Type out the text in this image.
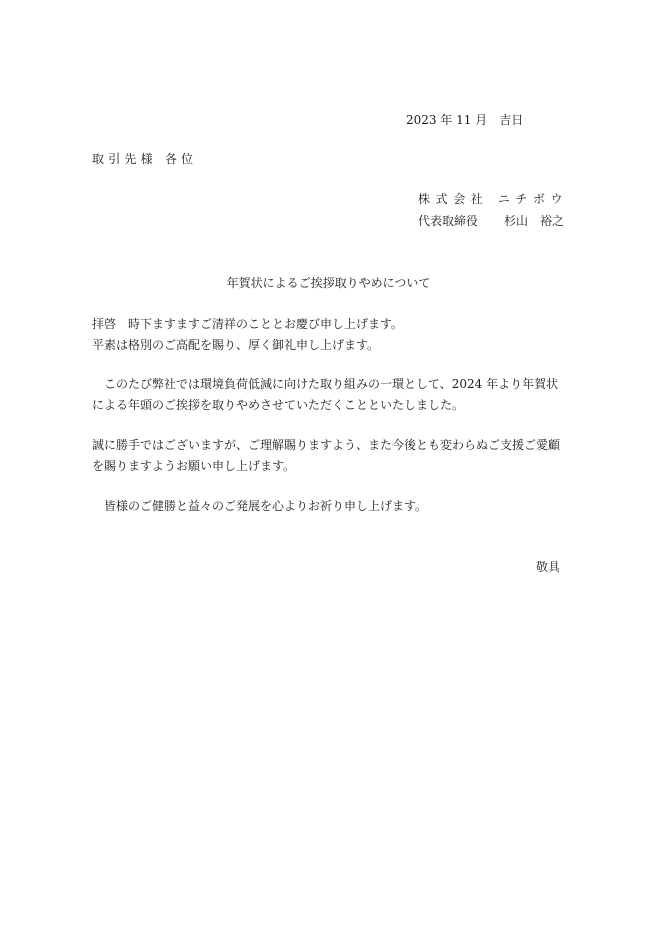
2023 年 11 月　吉日

取引先様 各位

株式会社 ニチボウ

代表取締役 杉山　裕之

年賀状によるご挨拶取りやめについて

拝啓　時下ますますご清祥のこととお慶び申し上げます。

平素は格別のご高配を賜り、厚く御礼申し上げます。

　このたび弊社では環境負荷低減に向けた取り組みの一環として、2024 年より年賀状

による年頭のご挨拶を取りやめさせていただくことといたしました。

誠に勝手ではございますが、ご理解賜りますよう、また今後とも変わらぬご支援ご愛顧

を賜りますようお願い申し上げます。

　皆様のご健勝と益々のご発展を心よりお祈り申し上げます。

敬具
